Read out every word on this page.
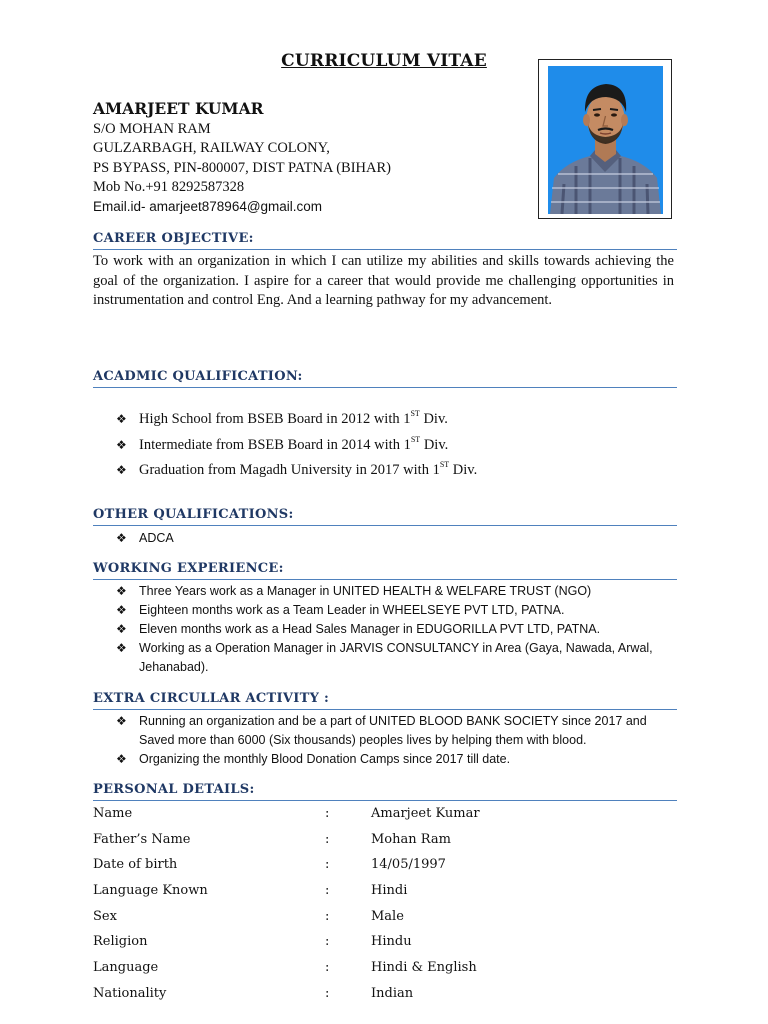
CURRICULUM VITAE
AMARJEET KUMAR
S/O MOHAN RAM
GULZARBAGH, RAILWAY COLONY,
PS BYPASS, PIN-800007, DIST PATNA (BIHAR)
Mob No.+91 8292587328
Email.id- amarjeet878964@gmail.com
CAREER OBJECTIVE:
To work with an organization in which I can utilize my abilities and skills towards achieving the goal of the organization. I aspire for a career that would provide me challenging opportunities in instrumentation and control Eng. And a learning pathway for my advancement.
ACADMIC QUALIFICATION:
❖ High School from BSEB Board in 2012 with 1ST Div.
❖ Intermediate from BSEB Board in 2014 with 1ST Div.
❖ Graduation from Magadh University in 2017 with 1ST Div.
OTHER QUALIFICATIONS:
❖ ADCA
WORKING EXPERIENCE:
❖ Three Years work as a Manager in UNITED HEALTH & WELFARE TRUST (NGO)
❖ Eighteen months work as a Team Leader in WHEELSEYE PVT LTD, PATNA.
❖ Eleven months work as a Head Sales Manager in EDUGORILLA PVT LTD, PATNA.
❖ Working as a Operation Manager in JARVIS CONSULTANCY in Area (Gaya, Nawada, Arwal, Jehanabad).
EXTRA CIRCULLAR ACTIVITY :
❖ Running an organization and be a part of UNITED BLOOD BANK SOCIETY since 2017 and Saved more than 6000 (Six thousands) peoples lives by helping them with blood.
❖ Organizing the monthly Blood Donation Camps since 2017 till date.
PERSONAL DETAILS:
Name	:	Amarjeet Kumar
Father’s Name	:	Mohan Ram
Date of birth	:	14/05/1997
Language Known	:	Hindi
Sex	:	Male
Religion	:	Hindu
Language	:	Hindi & English
Nationality	:	Indian
